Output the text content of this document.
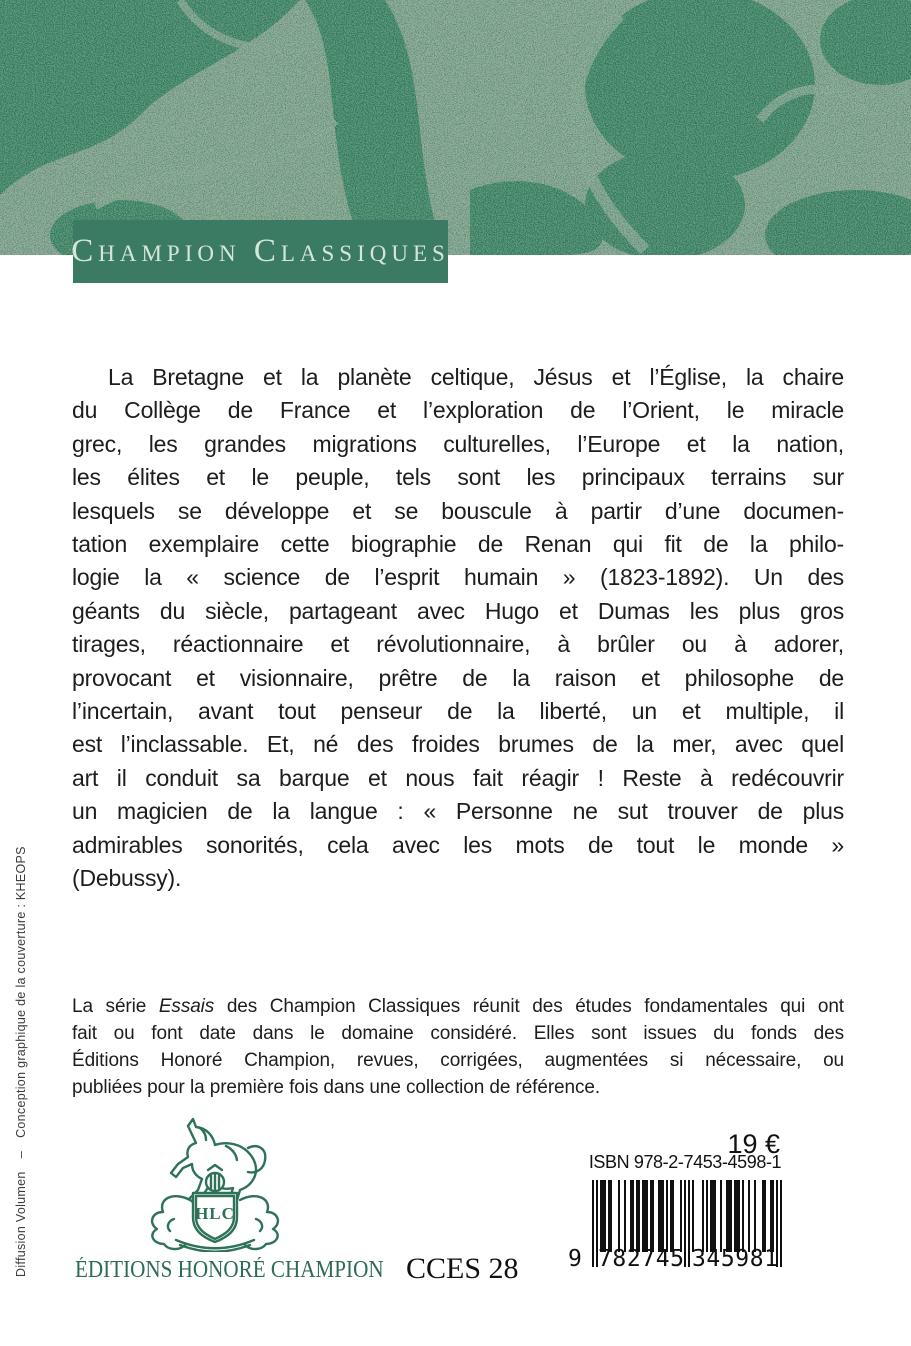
Champion Classiques
La Bretagne et la planète celtique, Jésus et l’Église, la chaire
du Collège de France et l’exploration de l’Orient, le miracle
grec, les grandes migrations culturelles, l’Europe et la nation,
les élites et le peuple, tels sont les principaux terrains sur
lesquels se développe et se bouscule à partir d’une documen-
tation exemplaire cette biographie de Renan qui fit de la philo-
logie la « science de l’esprit humain » (1823-1892). Un des
géants du siècle, partageant avec Hugo et Dumas les plus gros
tirages, réactionnaire et révolutionnaire, à brûler ou à adorer,
provocant et visionnaire, prêtre de la raison et philosophe de
l’incertain, avant tout penseur de la liberté, un et multiple, il
est l’inclassable. Et, né des froides brumes de la mer, avec quel
art il conduit sa barque et nous fait réagir ! Reste à redécouvrir
un magicien de la langue : « Personne ne sut trouver de plus
admirables sonorités, cela avec les mots de tout le monde »
(Debussy).
La série Essais des Champion Classiques réunit des études fondamentales qui ont
fait ou font date dans le domaine considéré. Elles sont issues du fonds des
Éditions Honoré Champion, revues, corrigées, augmentées si nécessaire, ou
publiées pour la première fois dans une collection de référence.
Diffusion Volumen  –  Conception graphique de la couverture : KHEOPS	HLC
ÉDITIONS HONORÉ CHAMPION CCES 28
19 €
ISBN 978-2-7453-4598-1
9 7 8 2 7 4 5 3 4 5 9 8 1
